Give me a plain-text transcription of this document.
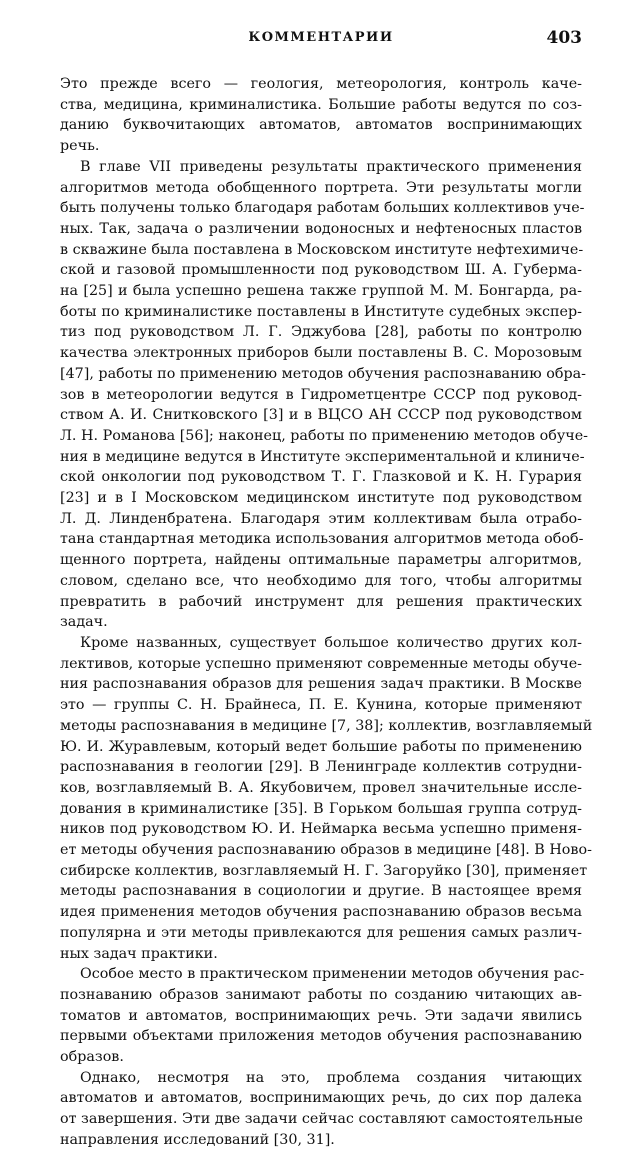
КОММЕНТАРИИ	403
Это прежде всего — геология, метеорология, контроль каче-
ства, медицина, криминалистика. Большие работы ведутся по соз-
данию буквочитающих автоматов, автоматов воспринимающих
речь.
В главе VII приведены результаты практического применения
алгоритмов метода обобщенного портрета. Эти результаты могли
быть получены только благодаря работам больших коллективов уче-
ных. Так, задача о различении водоносных и нефтеносных пластов
в скважине была поставлена в Московском институте нефтехимиче-
ской и газовой промышленности под руководством Ш. А. Губерма-
на [25] и была успешно решена также группой М. М. Бонгарда, ра-
боты по криминалистике поставлены в Институте судебных экспер-
тиз под руководством Л. Г. Эджубова [28], работы по контролю
качества электронных приборов были поставлены В. С. Морозовым
[47], работы по применению методов обучения распознаванию обра-
зов в метеорологии ведутся в Гидрометцентре СССР под руковод-
ством А. И. Снитковского [3] и в ВЦСО АН СССР под руководством
Л. Н. Романова [56]; наконец, работы по применению методов обуче-
ния в медицине ведутся в Институте экспериментальной и клиниче-
ской онкологии под руководством Т. Г. Глазковой и К. Н. Гурария
[23] и в I Московском медицинском институте под руководством
Л. Д. Линденбратена. Благодаря этим коллективам была отрабо-
тана стандартная методика использования алгоритмов метода обоб-
щенного портрета, найдены оптимальные параметры алгоритмов,
словом, сделано все, что необходимо для того, чтобы алгоритмы
превратить в рабочий инструмент для решения практических
задач.
Кроме названных, существует большое количество других кол-
лективов, которые успешно применяют современные методы обуче-
ния распознавания образов для решения задач практики. В Москве
это — группы С. Н. Брайнеса, П. Е. Кунина, которые применяют
методы распознавания в медицине [7, 38]; коллектив, возглавляемый
Ю. И. Журавлевым, который ведет большие работы по применению
распознавания в геологии [29]. В Ленинграде коллектив сотрудни-
ков, возглавляемый В. А. Якубовичем, провел значительные иссле-
дования в криминалистике [35]. В Горьком большая группа сотруд-
ников под руководством Ю. И. Неймарка весьма успешно применя-
ет методы обучения распознаванию образов в медицине [48]. В Ново-
сибирске коллектив, возглавляемый Н. Г. Загоруйко [30], применяет
методы распознавания в социологии и другие. В настоящее время
идея применения методов обучения распознаванию образов весьма
популярна и эти методы привлекаются для решения самых различ-
ных задач практики.
Особое место в практическом применении методов обучения рас-
познаванию образов занимают работы по созданию читающих ав-
томатов и автоматов, воспринимающих речь. Эти задачи явились
первыми объектами приложения методов обучения распознаванию
образов.
Однако, несмотря на это, проблема создания читающих
автоматов и автоматов, воспринимающих речь, до сих пор далека
от завершения. Эти две задачи сейчас составляют самостоятельные
направления исследований [30, 31].
